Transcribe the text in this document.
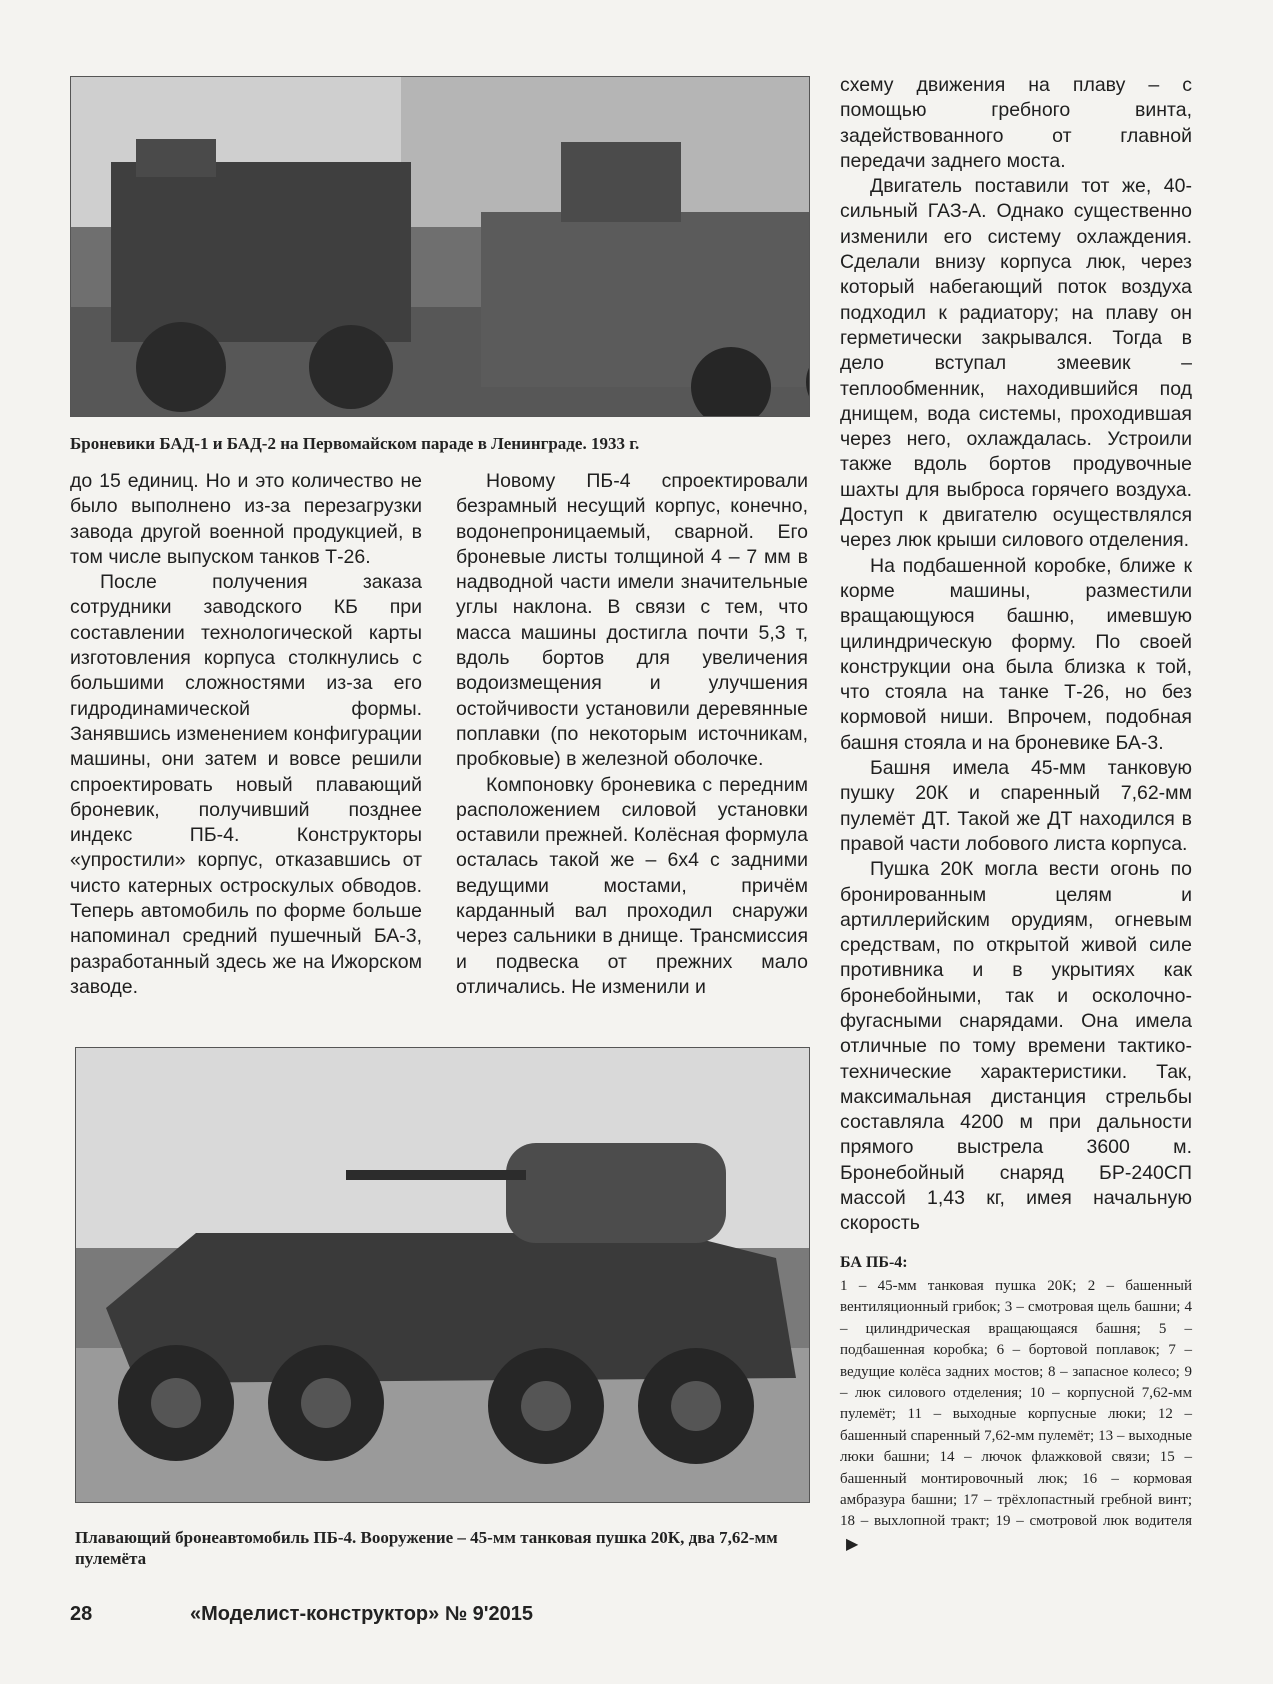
Броневики БАД-1 и БАД-2 на Первомайском параде в Ленинграде. 1933 г.

до 15 единиц. Но и это количество не было выполнено из-за перезагрузки завода другой военной продукцией, в том числе выпуском танков Т-26.

После получения заказа сотрудники заводского КБ при составлении технологической карты изготовления корпуса столкнулись с большими сложностями из-за его гидродинамической формы. Занявшись изменением конфигурации машины, они затем и вовсе решили спроектировать новый плавающий броневик, получивший позднее индекс ПБ-4. Конструкторы «упростили» корпус, отказавшись от чисто катерных остроскулых обводов. Теперь автомобиль по форме больше напоминал средний пушечный БА-3, разработанный здесь же на Ижорском заводе.

Новому ПБ-4 спроектировали безрамный несущий корпус, конечно, водонепроницаемый, сварной. Его броневые листы толщиной 4 – 7 мм в надводной части имели значительные углы наклона. В связи с тем, что масса машины достигла почти 5,3 т, вдоль бортов для увеличения водоизмещения и улучшения остойчивости установили деревянные поплавки (по некоторым источникам, пробковые) в железной оболочке.

Компоновку броневика с передним расположением силовой установки оставили прежней. Колёсная формула осталась такой же – 6х4 с задними ведущими мостами, причём карданный вал проходил снаружи через сальники в днище. Трансмиссия и подвеска от прежних мало отличались. Не изменили и

схему движения на плаву – с помощью гребного винта, задействованного от главной передачи заднего моста.

Двигатель поставили тот же, 40-сильный ГАЗ-А. Однако существенно изменили его систему охлаждения. Сделали внизу корпуса люк, через который набегающий поток воздуха подходил к радиатору; на плаву он герметически закрывался. Тогда в дело вступал змеевик – теплообменник, находившийся под днищем, вода системы, проходившая через него, охлаждалась. Устроили также вдоль бортов продувочные шахты для выброса горячего воздуха. Доступ к двигателю осуществлялся через люк крыши силового отделения.

На подбашенной коробке, ближе к корме машины, разместили вращающуюся башню, имевшую цилиндрическую форму. По своей конструкции она была близка к той, что стояла на танке Т-26, но без кормовой ниши. Впрочем, подобная башня стояла и на броневике БА-3.

Башня имела 45-мм танковую пушку 20К и спаренный 7,62-мм пулемёт ДТ. Такой же ДТ находился в правой части лобового листа корпуса.

Пушка 20К могла вести огонь по бронированным целям и артиллерийским орудиям, огневым средствам, по открытой живой силе противника и в укрытиях как бронебойными, так и осколочно-фугасными снарядами. Она имела отличные по тому времени тактико-технические характеристики. Так, максимальная дистанция стрельбы составляла 4200 м при дальности прямого выстрела 3600 м. Бронебойный снаряд БР-240СП массой 1,43 кг, имея начальную скорость

Плавающий бронеавтомобиль ПБ-4. Вооружение – 45-мм танковая пушка 20К, два 7,62-мм пулемёта
БА ПБ-4:
1 – 45-мм танковая пушка 20К; 2 – башенный вентиляционный грибок; 3 – смотровая щель башни; 4 – цилиндрическая вращающаяся башня; 5 – подбашенная коробка; 6 – бортовой поплавок; 7 – ведущие колёса задних мостов; 8 – запасное колесо; 9 – люк силового отделения; 10 – корпусной 7,62-мм пулемёт; 11 – выходные корпусные люки; 12 – башенный спаренный 7,62-мм пулемёт; 13 – выходные люки башни; 14 – лючок флажковой связи; 15 – башенный монтировочный люк; 16 – кормовая амбразура башни; 17 – трёхлопастный гребной винт; 18 – выхлопной тракт; 19 – смотровой люк водителя ▶
28	«Моделист-конструктор» № 9'2015
